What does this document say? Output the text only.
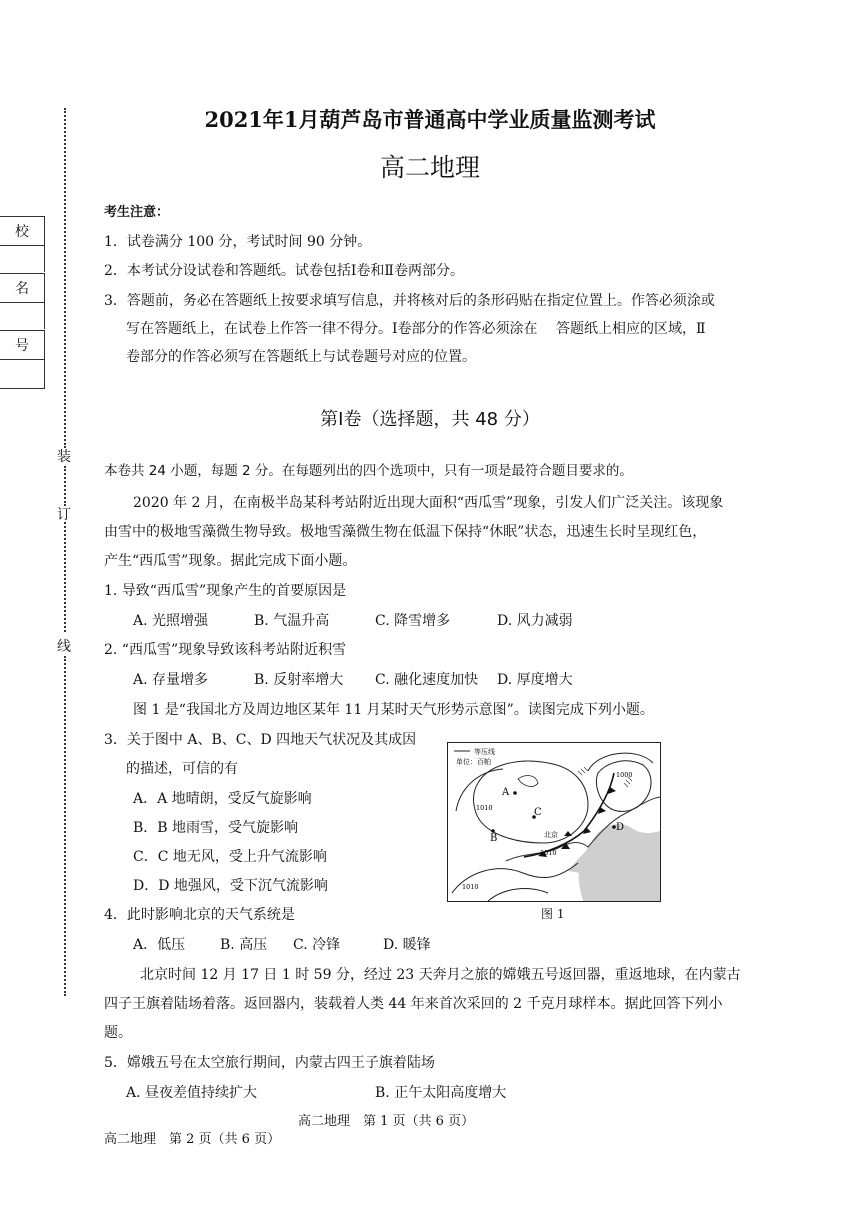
装
订
线
校
名
号
2021年1月葫芦岛市普通高中学业质量监测考试
高二地理
考生注意：
1．试卷满分 100 分，考试时间 90 分钟。
2．本考试分设试卷和答题纸。试卷包括Ⅰ卷和Ⅱ卷两部分。
3．答题前，务必在答题纸上按要求填写信息，并将核对后的条形码贴在指定位置上。作答必须涂或
写在答题纸上，在试卷上作答一律不得分。Ⅰ卷部分的作答必须涂在　 答题纸上相应的区域，Ⅱ
卷部分的作答必须写在答题纸上与试卷题号对应的位置。
第Ⅰ卷（选择题，共 48 分）
本卷共 24 小题，每题 2 分。在每题列出的四个选项中，只有一项是最符合题目要求的。
2020 年 2 月，在南极半岛某科考站附近出现大面积“西瓜雪”现象，引发人们广泛关注。该现象
由雪中的极地雪藻微生物导致。极地雪藻微生物在低温下保持“休眠”状态，迅速生长时呈现红色，
产生“西瓜雪”现象。据此完成下面小题。
1. 导致“西瓜雪”现象产生的首要原因是
A. 光照增强	B. 气温升高	C. 降雪增多	D. 风力减弱
2. “西瓜雪”现象导致该科考站附近积雪
A. 存量增多	B. 反射率增大 C. 融化速度加快 D. 厚度增大
图 1 是“我国北方及周边地区某年 11 月某时天气形势示意图”。读图完成下列小题。
3．关于图中 A、B、C、D 四地天气状况及其成因
的描述，可信的有
A．A 地晴朗，受反气旋影响
B．B 地雨雪，受气旋影响
C．C 地无风，受上升气流影响
D．D 地强风，受下沉气流影响
等压线
单位：百帕
A
B
C
D
北京
1000
1010
1010
1010
图 1
4．此时影响北京的天气系统是
A．低压 B. 高压 C. 冷锋	D. 暖锋
北京时间 12 月 17 日 1 时 59 分，经过 23 天奔月之旅的嫦娥五号返回器，重返地球，在内蒙古
四子王旗着陆场着落。返回器内，装载着人类 44 年来首次采回的 2 千克月球样本。据此回答下列小
题。
5．嫦娥五号在太空旅行期间，内蒙古四王子旗着陆场
A. 昼夜差值持续扩大	B. 正午太阳高度增大
高二地理　第 1 页（共 6 页）
高二地理　第 2 页（共 6 页）
